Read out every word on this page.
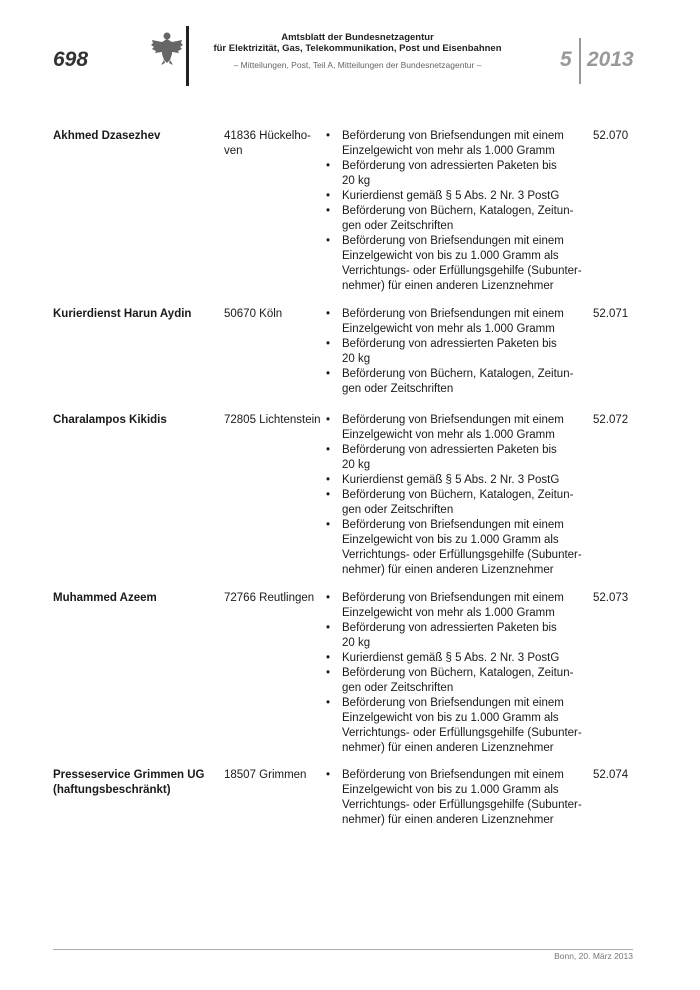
698
Amtsblatt der Bundesnetzagentur
für Elektrizität, Gas, Telekommunikation, Post und Eisenbahnen
– Mitteilungen, Post, Teil A, Mitteilungen der Bundesnetzagentur –	5 2013
Akhmed Dzasezhev	41836 Hückelho-
ven
• Beförderung von Briefsendungen mit einem
Einzelgewicht von mehr als 1.000 Gramm
• Beförderung von adressierten Paketen bis
20 kg
• Kurierdienst gemäß § 5 Abs. 2 Nr. 3 PostG
• Beförderung von Büchern, Katalogen, Zeitun-
gen oder Zeitschriften
• Beförderung von Briefsendungen mit einem
Einzelgewicht von bis zu 1.000 Gramm als
Verrichtungs- oder Erfüllungsgehilfe (Subunter-
nehmer) für einen anderen Lizenznehmer
52.070
Kurierdienst Harun Aydin	50670 Köln	• Beförderung von Briefsendungen mit einem
Einzelgewicht von mehr als 1.000 Gramm
• Beförderung von adressierten Paketen bis
20 kg
• Beförderung von Büchern, Katalogen, Zeitun-
gen oder Zeitschriften
52.071
Charalampos Kikidis	72805 Lichtenstein • Beförderung von Briefsendungen mit einem
Einzelgewicht von mehr als 1.000 Gramm
• Beförderung von adressierten Paketen bis
20 kg
• Kurierdienst gemäß § 5 Abs. 2 Nr. 3 PostG
• Beförderung von Büchern, Katalogen, Zeitun-
gen oder Zeitschriften
• Beförderung von Briefsendungen mit einem
Einzelgewicht von bis zu 1.000 Gramm als
Verrichtungs- oder Erfüllungsgehilfe (Subunter-
nehmer) für einen anderen Lizenznehmer
52.072
Muhammed Azeem	72766 Reutlingen	• Beförderung von Briefsendungen mit einem
Einzelgewicht von mehr als 1.000 Gramm
• Beförderung von adressierten Paketen bis
20 kg
• Kurierdienst gemäß § 5 Abs. 2 Nr. 3 PostG
• Beförderung von Büchern, Katalogen, Zeitun-
gen oder Zeitschriften
• Beförderung von Briefsendungen mit einem
Einzelgewicht von bis zu 1.000 Gramm als
Verrichtungs- oder Erfüllungsgehilfe (Subunter-
nehmer) für einen anderen Lizenznehmer
52.073
Presseservice Grimmen UG
(haftungsbeschränkt)
18507 Grimmen	• Beförderung von Briefsendungen mit einem
Einzelgewicht von bis zu 1.000 Gramm als
Verrichtungs- oder Erfüllungsgehilfe (Subunter-
nehmer) für einen anderen Lizenznehmer
52.074
Bonn, 20. März 2013
